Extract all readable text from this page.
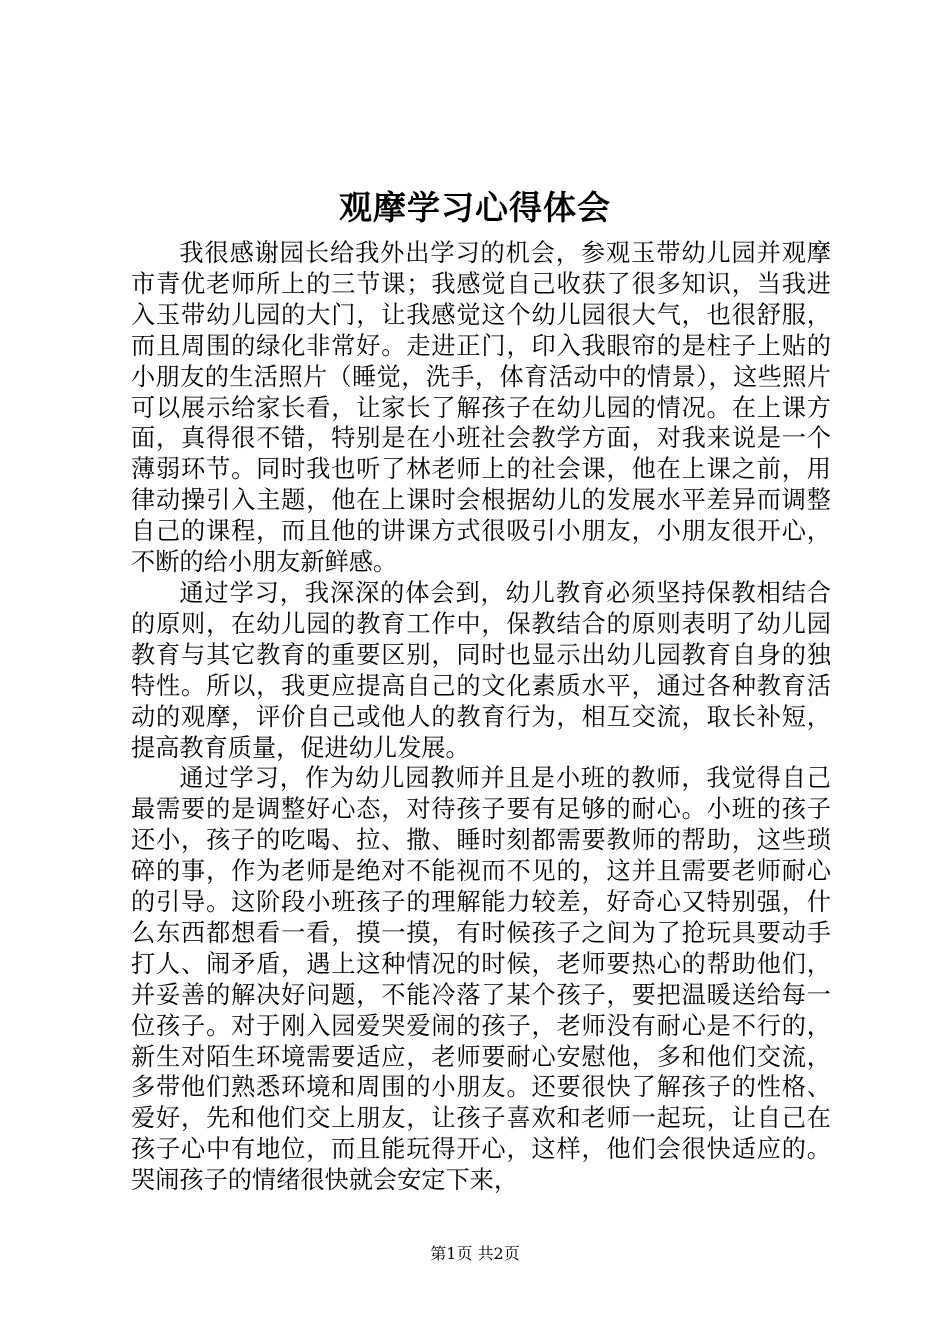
观摩学习心得体会

我很感谢园长给我外出学习的机会，参观玉带幼儿园并观摩市青优老师所上的三节课；我感觉自己收获了很多知识，当我进入玉带幼儿园的大门，让我感觉这个幼儿园很大气，也很舒服，而且周围的绿化非常好。走进正门，印入我眼帘的是柱子上贴的小朋友的生活照片（睡觉，洗手，体育活动中的情景），这些照片可以展示给家长看，让家长了解孩子在幼儿园的情况。在上课方面，真得很不错，特别是在小班社会教学方面，对我来说是一个薄弱环节。同时我也听了林老师上的社会课，他在上课之前，用律动操引入主题，他在上课时会根据幼儿的发展水平差异而调整自己的课程，而且他的讲课方式很吸引小朋友，小朋友很开心，不断的给小朋友新鲜感。

通过学习，我深深的体会到，幼儿教育必须坚持保教相结合的原则，在幼儿园的教育工作中，保教结合的原则表明了幼儿园教育与其它教育的重要区别，同时也显示出幼儿园教育自身的独特性。所以，我更应提高自己的文化素质水平，通过各种教育活动的观摩，评价自己或他人的教育行为，相互交流，取长补短，提高教育质量，促进幼儿发展。

通过学习，作为幼儿园教师并且是小班的教师，我觉得自己最需要的是调整好心态，对待孩子要有足够的耐心。小班的孩子还小，孩子的吃喝、拉、撒、睡时刻都需要教师的帮助，这些琐碎的事，作为老师是绝对不能视而不见的，这并且需要老师耐心的引导。这阶段小班孩子的理解能力较差，好奇心又特别强，什么东西都想看一看，摸一摸，有时候孩子之间为了抢玩具要动手打人、闹矛盾，遇上这种情况的时候，老师要热心的帮助他们，并妥善的解决好问题，不能冷落了某个孩子，要把温暖送给每一位孩子。对于刚入园爱哭爱闹的孩子，老师没有耐心是不行的，新生对陌生环境需要适应，老师要耐心安慰他，多和他们交流，多带他们熟悉环境和周围的小朋友。还要很快了解孩子的性格、爱好，先和他们交上朋友，让孩子喜欢和老师一起玩，让自己在孩子心中有地位，而且能玩得开心，这样，他们会很快适应的。哭闹孩子的情绪很快就会安定下来，

第1页 共2页
